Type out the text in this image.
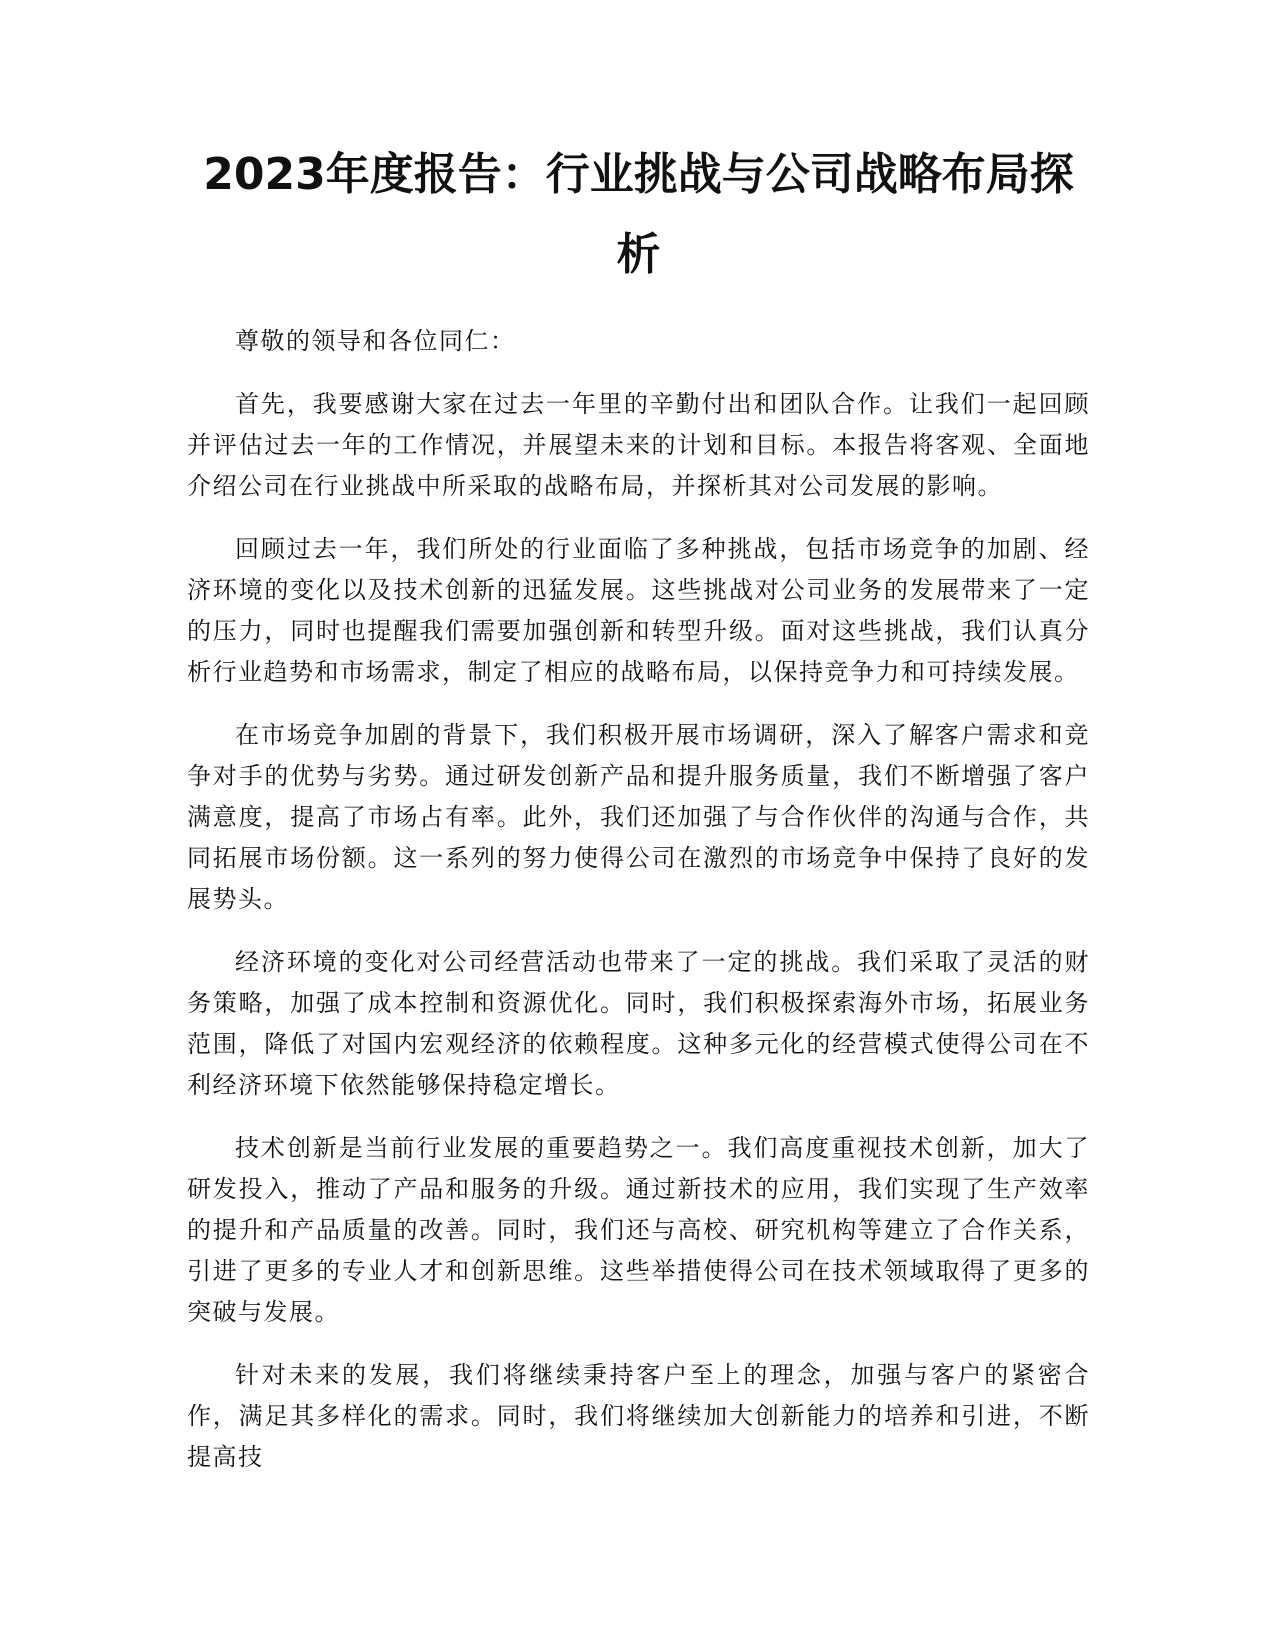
2023年度报告：行业挑战与公司战略布局探析

尊敬的领导和各位同仁：

首先，我要感谢大家在过去一年里的辛勤付出和团队合作。让我们一起回顾并评估过去一年的工作情况，并展望未来的计划和目标。本报告将客观、全面地介绍公司在行业挑战中所采取的战略布局，并探析其对公司发展的影响。

回顾过去一年，我们所处的行业面临了多种挑战，包括市场竞争的加剧、经济环境的变化以及技术创新的迅猛发展。这些挑战对公司业务的发展带来了一定的压力，同时也提醒我们需要加强创新和转型升级。面对这些挑战，我们认真分析行业趋势和市场需求，制定了相应的战略布局，以保持竞争力和可持续发展。

在市场竞争加剧的背景下，我们积极开展市场调研，深入了解客户需求和竞争对手的优势与劣势。通过研发创新产品和提升服务质量，我们不断增强了客户满意度，提高了市场占有率。此外，我们还加强了与合作伙伴的沟通与合作，共同拓展市场份额。这一系列的努力使得公司在激烈的市场竞争中保持了良好的发展势头。

经济环境的变化对公司经营活动也带来了一定的挑战。我们采取了灵活的财务策略，加强了成本控制和资源优化。同时，我们积极探索海外市场，拓展业务范围，降低了对国内宏观经济的依赖程度。这种多元化的经营模式使得公司在不利经济环境下依然能够保持稳定增长。

技术创新是当前行业发展的重要趋势之一。我们高度重视技术创新，加大了研发投入，推动了产品和服务的升级。通过新技术的应用，我们实现了生产效率的提升和产品质量的改善。同时，我们还与高校、研究机构等建立了合作关系，引进了更多的专业人才和创新思维。这些举措使得公司在技术领域取得了更多的突破与发展。

针对未来的发展，我们将继续秉持客户至上的理念，加强与客户的紧密合作，满足其多样化的需求。同时，我们将继续加大创新能力的培养和引进，不断提高技
